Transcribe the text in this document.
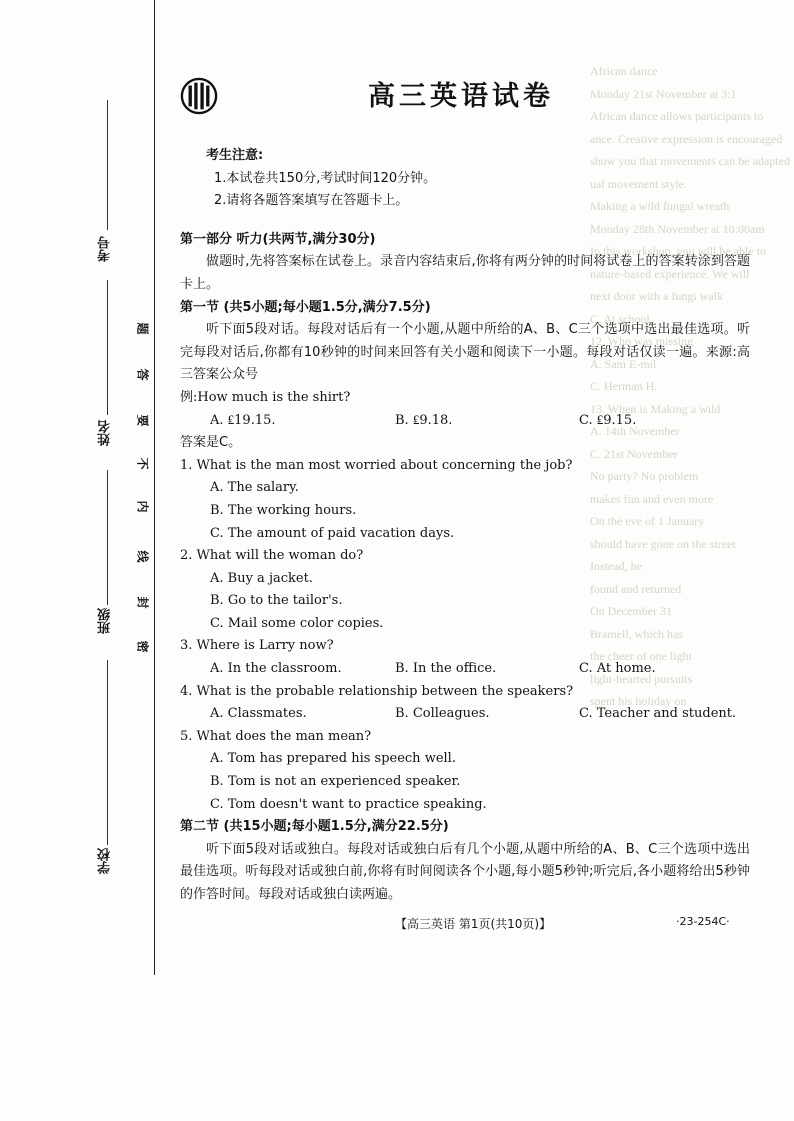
African dance
Monday 21st November at 3:1
African dance allows participants to
ance. Creative expression is encouraged
show you that movements can be adapted
ual movement style.
Making a wild fungal wreath
Monday 28th November at 10:00am
In this workshop, you will be able to
nature-based experience. We will
next door with a fungi walk
C. At school.
12. Who was missing
A. Sam E-mil
C. Herman H.
13. When is Making a wild
A. 14th November
C. 21st November
No party? No problem
makes fun and even more
On the eve of 1 January
should have gone on the street
Instead, he
found and returned
On December 31
Bramell, which has
the cheer of one light
light-hearted pursuits
spent his holiday on
考号
姓名
班级
学校
题
答
要
不
内
线
封
密
高三英语试卷
考生注意:
1.本试卷共150分,考试时间120分钟。
2.请将各题答案填写在答题卡上。
第一部分 听力(共两节,满分30分)
做题时,先将答案标在试卷上。录音内容结束后,你将有两分钟的时间将试卷上的答案转涂到答题卡上。
第一节 (共5小题;每小题1.5分,满分7.5分)
听下面5段对话。每段对话后有一个小题,从题中所给的A、B、C三个选项中选出最佳选项。听完每段对话后,你都有10秒钟的时间来回答有关小题和阅读下一小题。每段对话仅读一遍。来源:高三答案公众号
例:How much is the shirt?
A. ₤19.15.	B. ₤9.18.	C. ₤9.15.
答案是C。
1. What is the man most worried about concerning the job?
A. The salary.
B. The working hours.
C. The amount of paid vacation days.
2. What will the woman do?
A. Buy a jacket.
B. Go to the tailor's.
C. Mail some color copies.
3. Where is Larry now?
A. In the classroom.	B. In the office.	C. At home.
4. What is the probable relationship between the speakers?
A. Classmates.	B. Colleagues.	C. Teacher and student.
5. What does the man mean?
A. Tom has prepared his speech well.
B. Tom is not an experienced speaker.
C. Tom doesn't want to practice speaking.
第二节 (共15小题;每小题1.5分,满分22.5分)
听下面5段对话或独白。每段对话或独白后有几个小题,从题中所给的A、B、C三个选项中选出最佳选项。听每段对话或独白前,你将有时间阅读各个小题,每小题5秒钟;听完后,各小题将给出5秒钟的作答时间。每段对话或独白读两遍。
【高三英语 第1页(共10页)】	·23-254C·
